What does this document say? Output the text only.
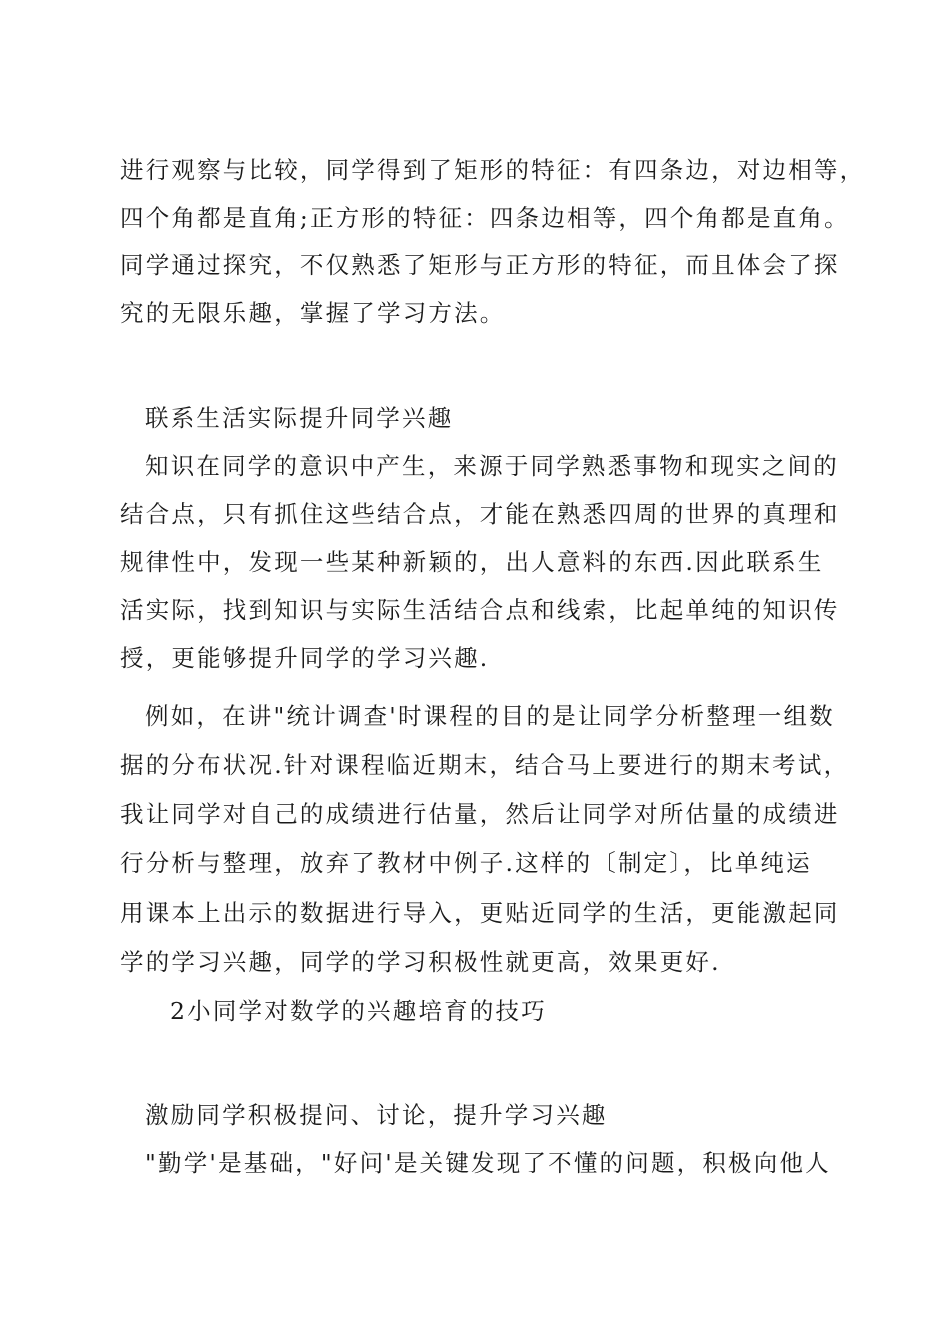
进行观察与比较，同学得到了矩形的特征：有四条边，对边相等，
四个角都是直角;正方形的特征：四条边相等，四个角都是直角。
同学通过探究，不仅熟悉了矩形与正方形的特征，而且体会了探
究的无限乐趣，掌握了学习方法。
联系生活实际提升同学兴趣
知识在同学的意识中产生，来源于同学熟悉事物和现实之间的
结合点，只有抓住这些结合点，才能在熟悉四周的世界的真理和
规律性中，发现一些某种新颖的，出人意料的东西.因此联系生
活实际，找到知识与实际生活结合点和线索，比起单纯的知识传
授，更能够提升同学的学习兴趣.
例如，在讲"统计调查'时课程的目的是让同学分析整理一组数
据的分布状况.针对课程临近期末，结合马上要进行的期末考试，
我让同学对自己的成绩进行估量，然后让同学对所估量的成绩进
行分析与整理，放弃了教材中例子.这样的〔制定〕，比单纯运
用课本上出示的数据进行导入，更贴近同学的生活，更能激起同
学的学习兴趣，同学的学习积极性就更高，效果更好.
2小同学对数学的兴趣培育的技巧
激励同学积极提问、讨论，提升学习兴趣
"勤学'是基础，"好问'是关键发现了不懂的问题，积极向他人
